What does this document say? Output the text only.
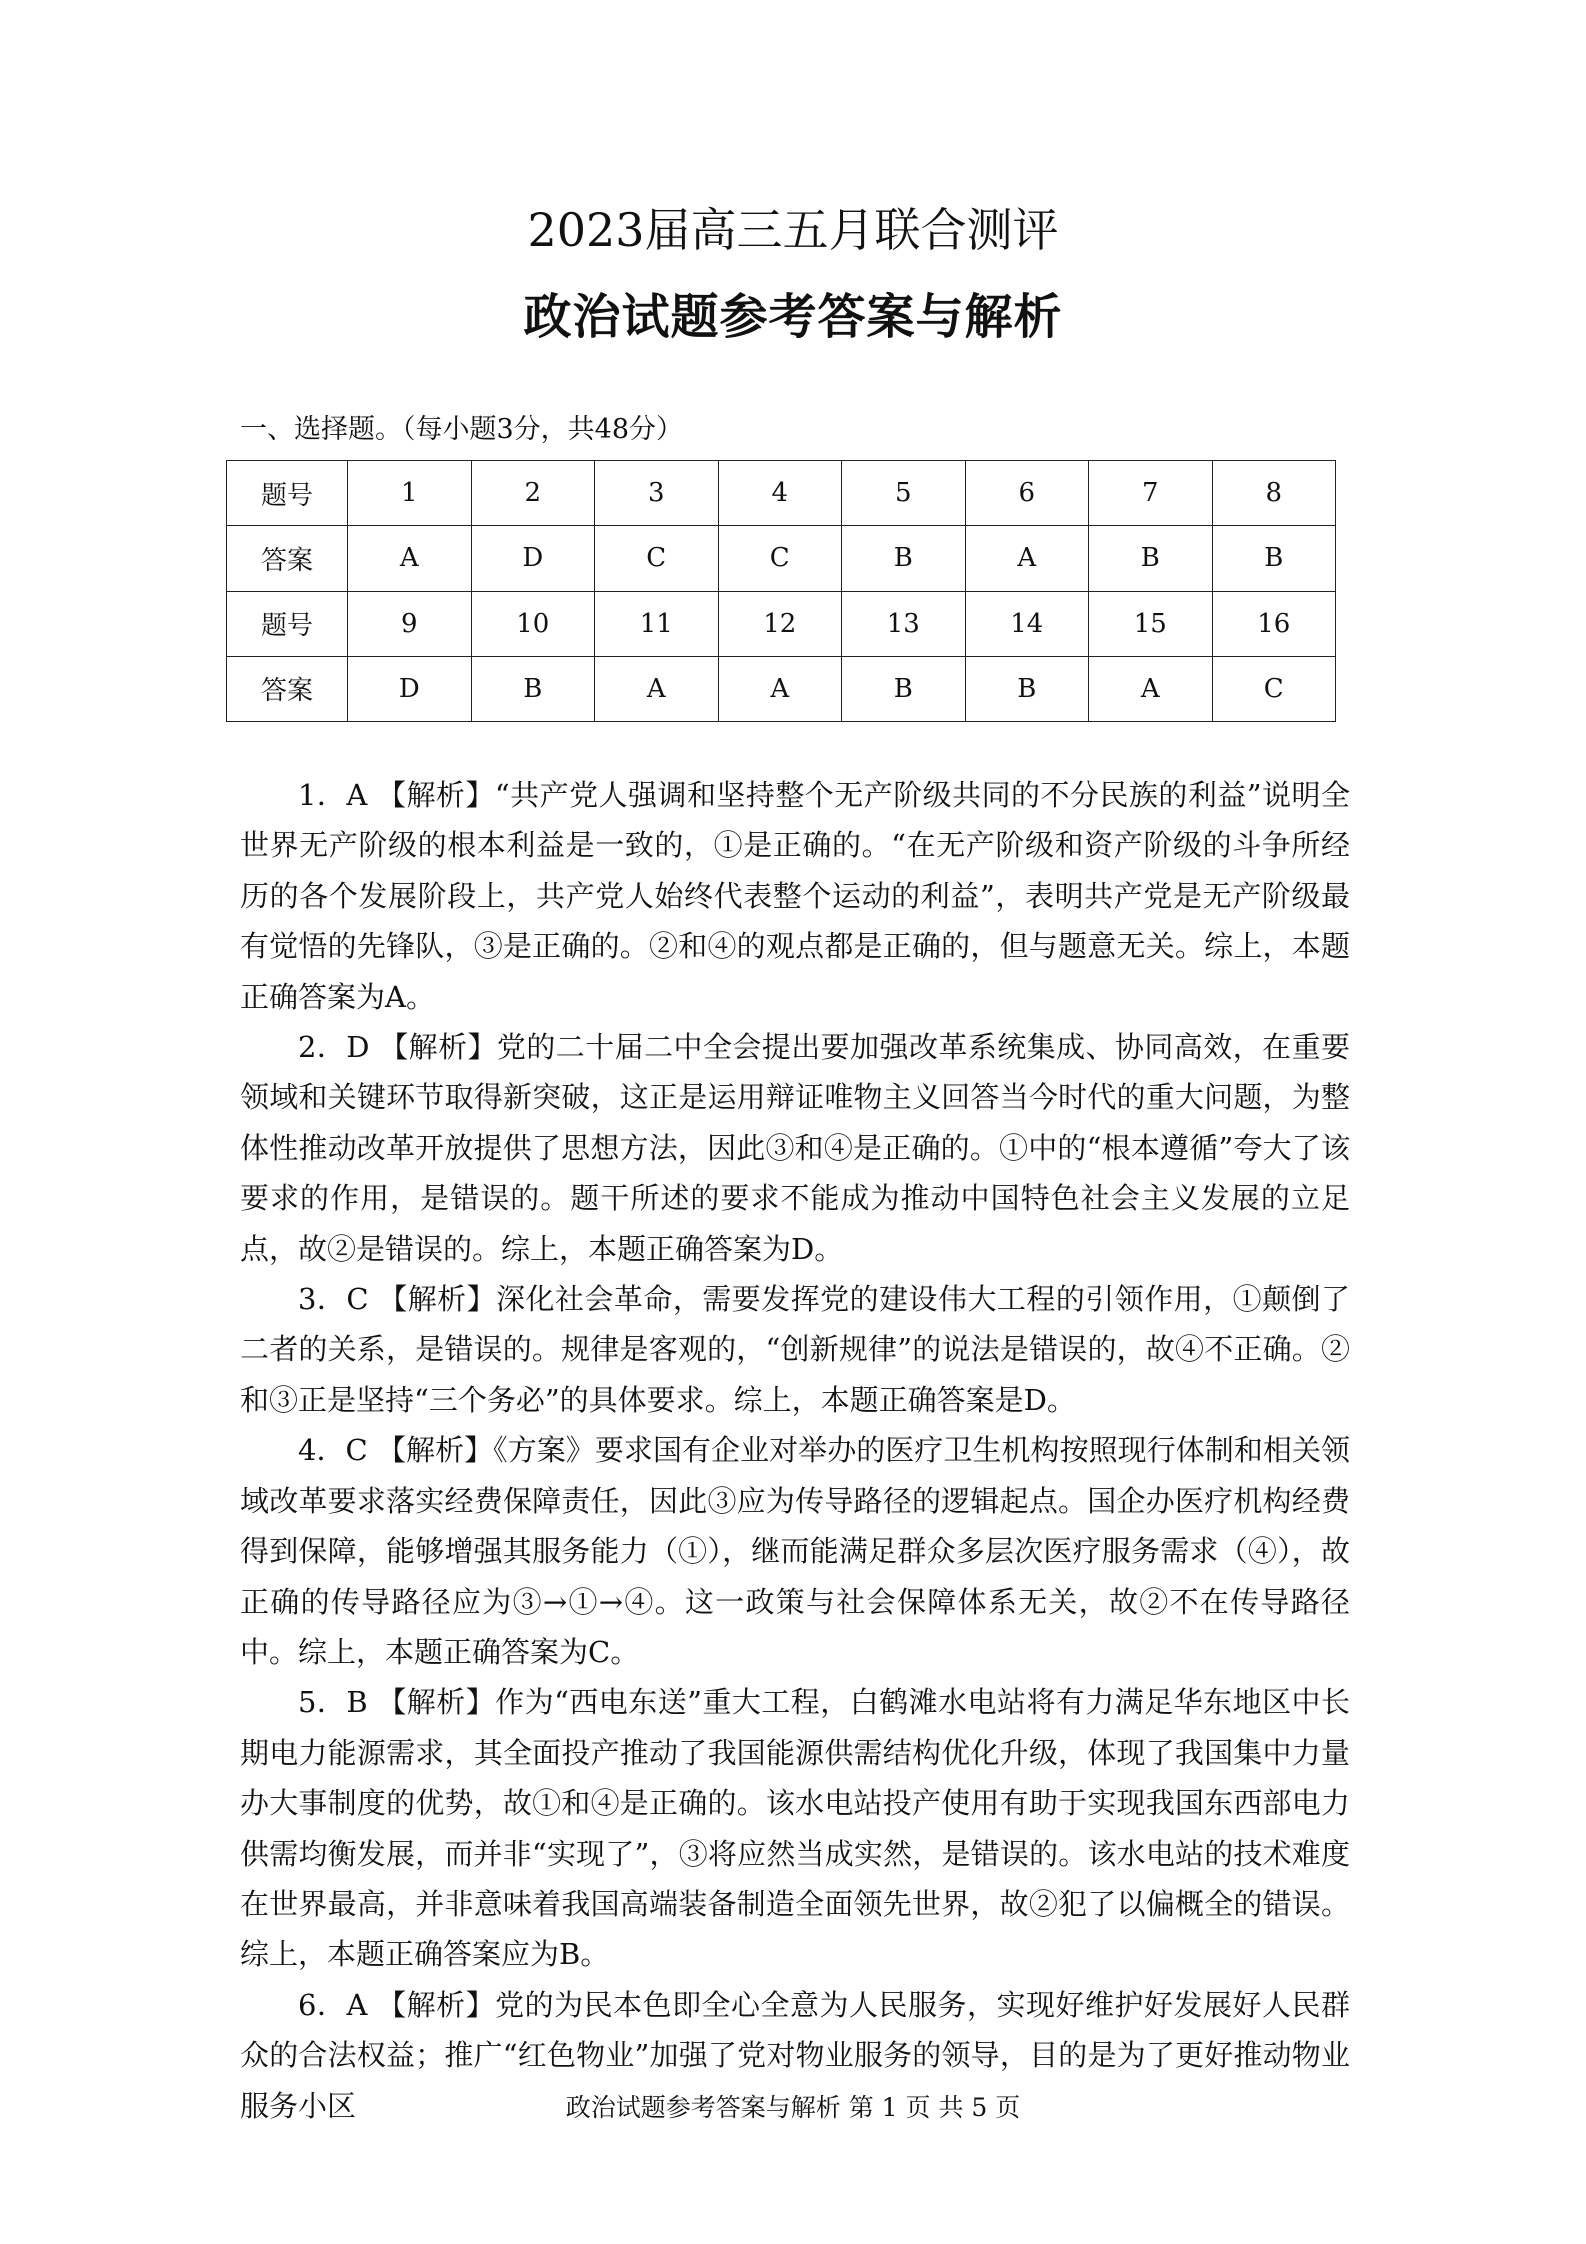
2023届高三五月联合测评
政治试题参考答案与解析
一、选择题。（每小题3分，共48分）
题号	1	2	3	4	5	6	7	8
答案	A	D	C	C	B	A	B	B
题号	9	10	11	12	13	14	15	16
答案	D	B	A	A	B	B	A	C

1．A 【解析】“共产党人强调和坚持整个无产阶级共同的不分民族的利益”说明全世界无产阶级的根本利益是一致的，①是正确的。“在无产阶级和资产阶级的斗争所经历的各个发展阶段上，共产党人始终代表整个运动的利益”，表明共产党是无产阶级最有觉悟的先锋队，③是正确的。②和④的观点都是正确的，但与题意无关。综上，本题正确答案为A。

2．D 【解析】党的二十届二中全会提出要加强改革系统集成、协同高效，在重要领域和关键环节取得新突破，这正是运用辩证唯物主义回答当今时代的重大问题，为整体性推动改革开放提供了思想方法，因此③和④是正确的。①中的“根本遵循”夸大了该要求的作用，是错误的。题干所述的要求不能成为推动中国特色社会主义发展的立足点，故②是错误的。综上，本题正确答案为D。

3．C 【解析】深化社会革命，需要发挥党的建设伟大工程的引领作用，①颠倒了二者的关系，是错误的。规律是客观的，“创新规律”的说法是错误的，故④不正确。②和③正是坚持“三个务必”的具体要求。综上，本题正确答案是D。

4．C 【解析】《方案》要求国有企业对举办的医疗卫生机构按照现行体制和相关领域改革要求落实经费保障责任，因此③应为传导路径的逻辑起点。国企办医疗机构经费得到保障，能够增强其服务能力（①），继而能满足群众多层次医疗服务需求（④），故正确的传导路径应为③→①→④。这一政策与社会保障体系无关，故②不在传导路径中。综上，本题正确答案为C。

5．B 【解析】作为“西电东送”重大工程，白鹤滩水电站将有力满足华东地区中长期电力能源需求，其全面投产推动了我国能源供需结构优化升级，体现了我国集中力量办大事制度的优势，故①和④是正确的。该水电站投产使用有助于实现我国东西部电力供需均衡发展，而并非“实现了”，③将应然当成实然，是错误的。该水电站的技术难度在世界最高，并非意味着我国高端装备制造全面领先世界，故②犯了以偏概全的错误。综上，本题正确答案应为B。

6．A 【解析】党的为民本色即全心全意为人民服务，实现好维护好发展好人民群众的合法权益；推广“红色物业”加强了党对物业服务的领导，目的是为了更好推动物业服务小区	政治试题参考答案与解析 第 1 页 共 5 页
